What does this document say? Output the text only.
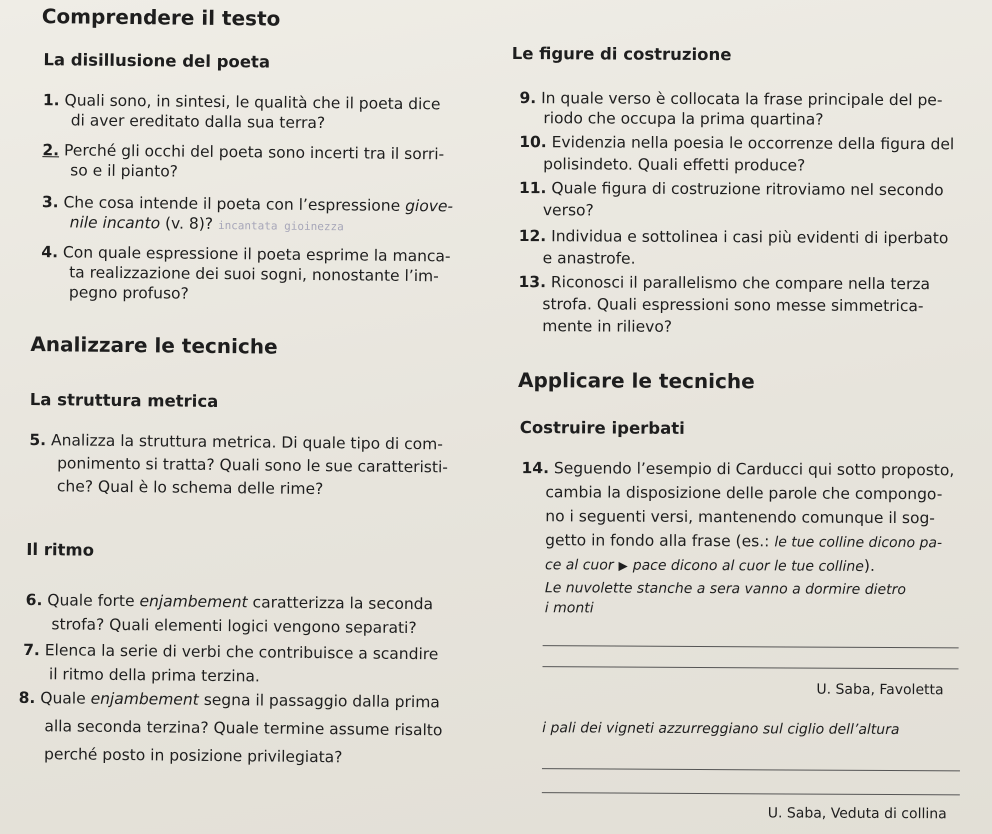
Comprendere il testo
La disillusione del poeta
1. Quali sono, in sintesi, le qualità che il poeta dice
di aver ereditato dalla sua terra?
2. Perché gli occhi del poeta sono incerti tra il sorri-
so e il pianto?
3. Che cosa intende il poeta con l’espressione giove-
nile incanto (v. 8)? incantata gioinezza
4. Con quale espressione il poeta esprime la manca-
ta realizzazione dei suoi sogni, nonostante l’im-
pegno profuso?
Analizzare le tecniche
La struttura metrica
5. Analizza la struttura metrica. Di quale tipo di com-
ponimento si tratta? Quali sono le sue caratteristi-
che? Qual è lo schema delle rime?
Il ritmo
6. Quale forte enjambement caratterizza la seconda
strofa? Quali elementi logici vengono separati?
7. Elenca la serie di verbi che contribuisce a scandire
il ritmo della prima terzina.
8. Quale enjambement segna il passaggio dalla prima
alla seconda terzina? Quale termine assume risalto
perché posto in posizione privilegiata?
Le figure di costruzione
9. In quale verso è collocata la frase principale del pe-
riodo che occupa la prima quartina?
10. Evidenzia nella poesia le occorrenze della figura del
polisindeto. Quali effetti produce?
11. Quale figura di costruzione ritroviamo nel secondo
verso?
12. Individua e sottolinea i casi più evidenti di iperbato
e anastrofe.
13. Riconosci il parallelismo che compare nella terza
strofa. Quali espressioni sono messe simmetrica-
mente in rilievo?
Applicare le tecniche
Costruire iperbati
14. Seguendo l’esempio di Carducci qui sotto proposto,
cambia la disposizione delle parole che compongo-
no i seguenti versi, mantenendo comunque il sog-
getto in fondo alla frase (es.: le tue colline dicono pa-
ce al cuor ▶ pace dicono al cuor le tue colline).
Le nuvolette stanche a sera vanno a dormire dietro
i monti
U. Saba, Favoletta
i pali dei vigneti azzurreggiano sul ciglio dell’altura
U. Saba, Veduta di collina
